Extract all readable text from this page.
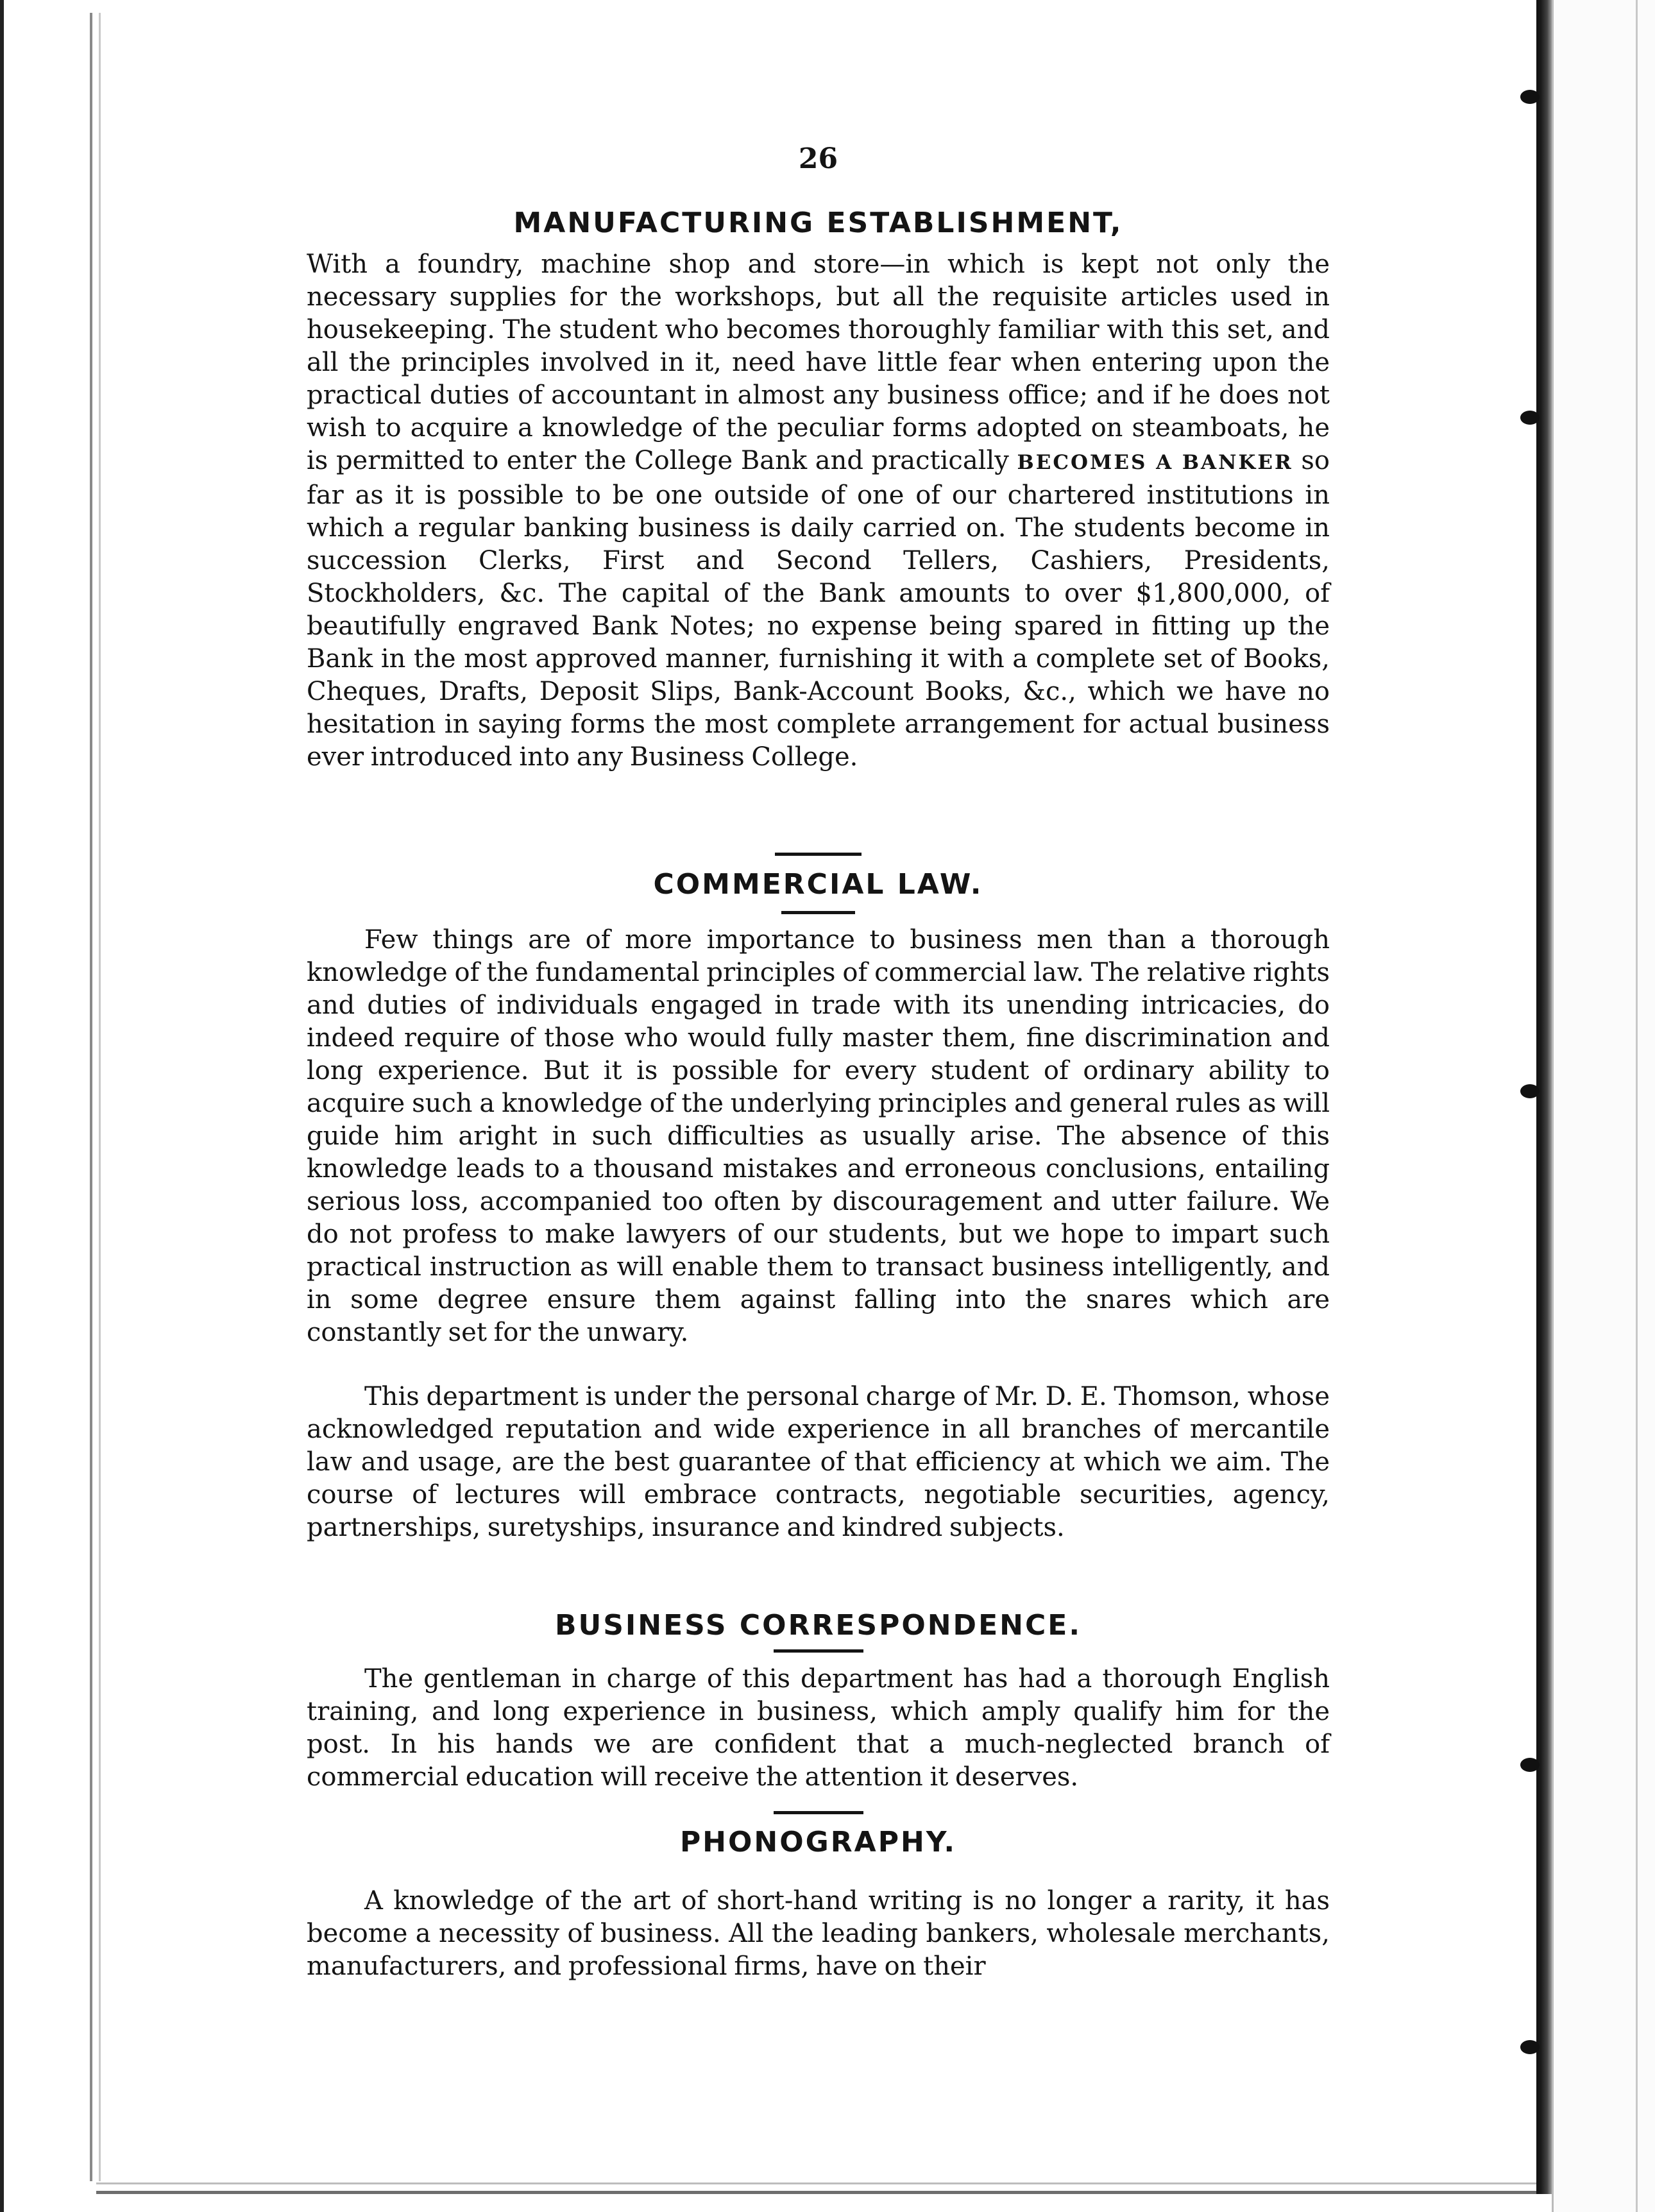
26
MANUFACTURING ESTABLISHMENT,
With a foundry, machine shop and store—in which is kept not only the necessary supplies for the workshops, but all the requisite articles used in housekeeping. The student who becomes thoroughly familiar with this set, and all the principles involved in it, need have little fear when entering upon the practical duties of accountant in almost any business office; and if he does not wish to acquire a knowledge of the peculiar forms adopted on steamboats, he is permitted to enter the College Bank and practically BECOMES A BANKER so far as it is possible to be one outside of one of our chartered institutions in which a regular banking business is daily carried on. The students become in succession Clerks, First and Second Tellers, Cashiers, Presidents, Stockholders, &c. The capital of the Bank amounts to over $1,800,000, of beautifully engraved Bank Notes; no expense being spared in fitting up the Bank in the most approved manner, furnishing it with a complete set of Books, Cheques, Drafts, Deposit Slips, Bank-Account Books, &c., which we have no hesitation in saying forms the most complete arrangement for actual business ever introduced into any Business College.
COMMERCIAL LAW.
Few things are of more importance to business men than a thorough knowledge of the fundamental principles of commercial law. The relative rights and duties of individuals engaged in trade with its unending intricacies, do indeed require of those who would fully master them, fine discrimination and long experience. But it is possible for every student of ordinary ability to acquire such a knowledge of the underlying principles and general rules as will guide him aright in such difficulties as usually arise. The absence of this knowledge leads to a thousand mistakes and erroneous conclusions, entailing serious loss, accompanied too often by discouragement and utter failure. We do not profess to make lawyers of our students, but we hope to impart such practical instruction as will enable them to transact business intelligently, and in some degree ensure them against falling into the snares which are constantly set for the unwary.
This department is under the personal charge of Mr. D. E. Thomson, whose acknowledged reputation and wide experience in all branches of mercantile law and usage, are the best guarantee of that efficiency at which we aim. The course of lectures will embrace contracts, negotiable securities, agency, partnerships, suretyships, insurance and kindred subjects.
BUSINESS CORRESPONDENCE.
The gentleman in charge of this department has had a thorough English training, and long experience in business, which amply qualify him for the post. In his hands we are confident that a much-neglected branch of commercial education will receive the attention it deserves.
PHONOGRAPHY.
A knowledge of the art of short-hand writing is no longer a rarity, it has become a necessity of business. All the leading bankers, wholesale merchants, manufacturers, and professional firms, have on their
